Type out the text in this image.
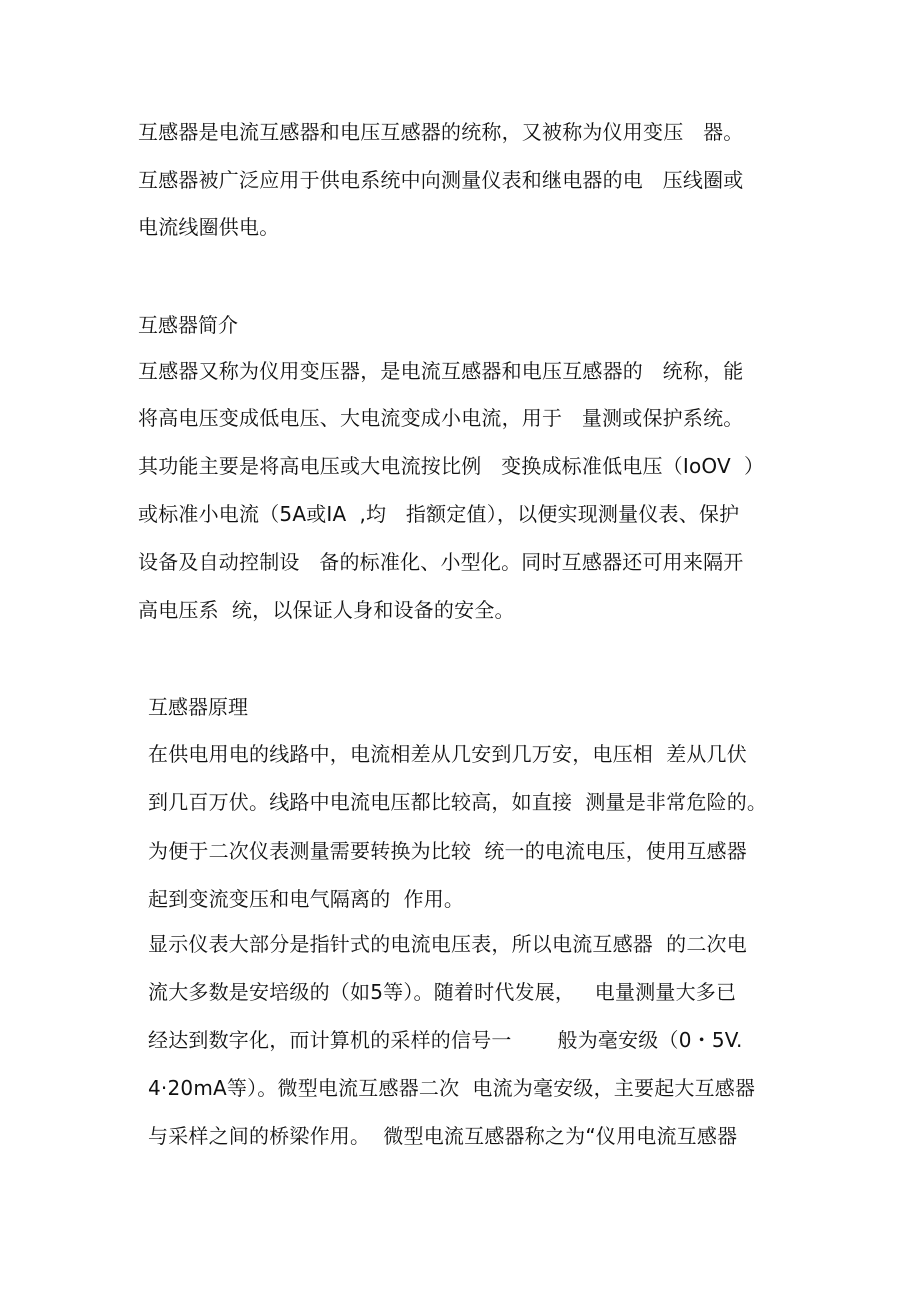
互感器是电流互感器和电压互感器的统称，又被称为仪用变压   器。
互感器被广泛应用于供电系统中向测量仪表和继电器的电   压线圈或
电流线圈供电。
互感器简介
互感器又称为仪用变压器，是电流互感器和电压互感器的   统称，能
将高电压变成低电压、大电流变成小电流，用于   量测或保护系统。
其功能主要是将高电压或大电流按比例   变换成标准低电压（IoOV  ）
或标准小电流（5A或IA  ,均   指额定值），以便实现测量仪表、保护
设备及自动控制设   备的标准化、小型化。同时互感器还可用来隔开
高电压系  统，以保证人身和设备的安全。
互感器原理
在供电用电的线路中，电流相差从几安到几万安，电压相  差从几伏
到几百万伏。线路中电流电压都比较高，如直接  测量是非常危险的。
为便于二次仪表测量需要转换为比较  统一的电流电压，使用互感器
起到变流变压和电气隔离的  作用。
显示仪表大部分是指针式的电流电压表，所以电流互感器  的二次电
流大多数是安培级的（如5等）。随着时代发展，   电量测量大多已
经达到数字化，而计算机的采样的信号一       般为毫安级（0・5V.
4·20mA等）。微型电流互感器二次  电流为毫安级，主要起大互感器
与采样之间的桥梁作用。  微型电流互感器称之为“仪用电流互感器
